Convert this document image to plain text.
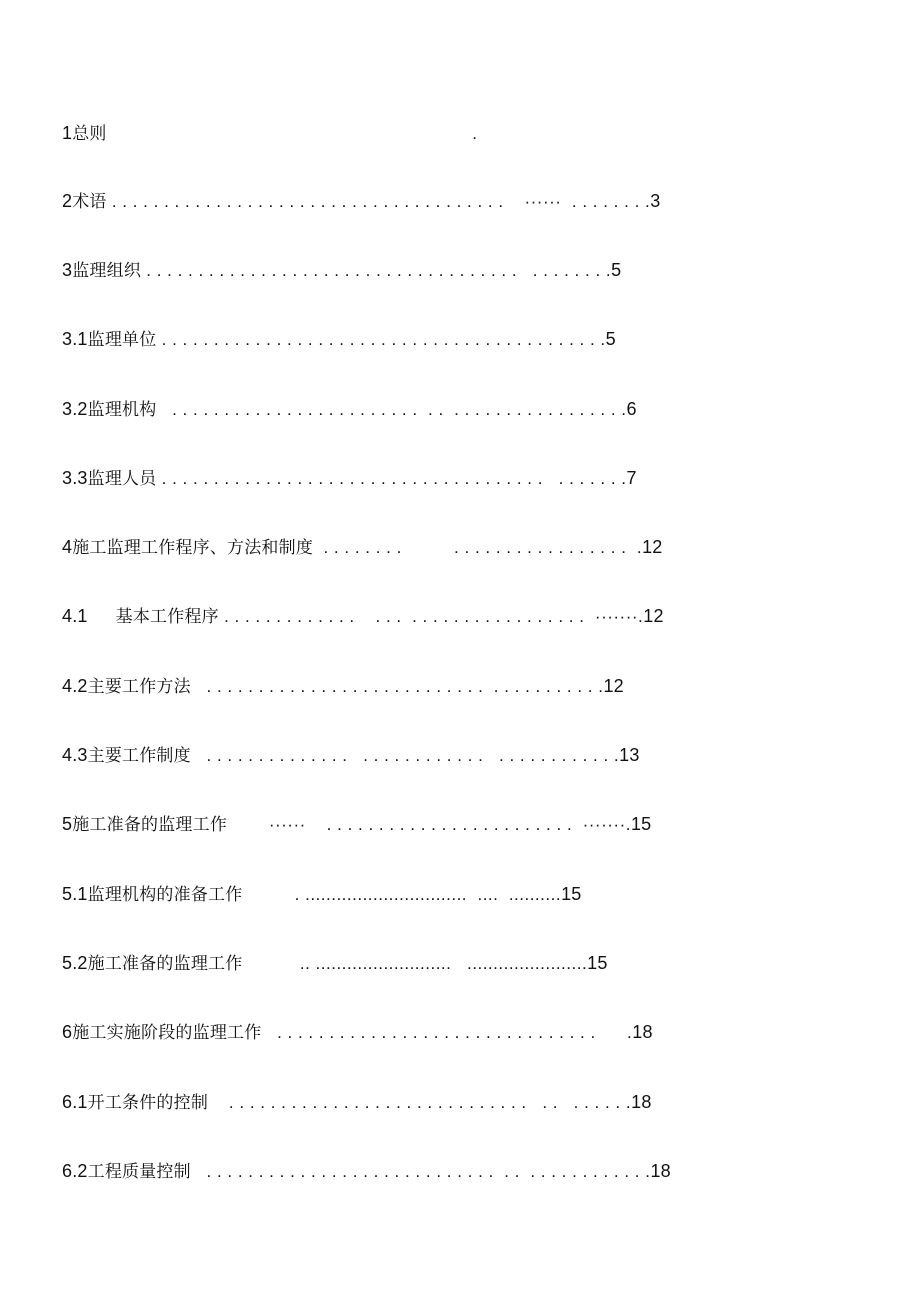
1总则                                                                      .
2术语 . . . . . . . . . . . . . . . . . . . . . . . . . . . . . . . . . . . . . .    ······  . . . . . . . .3
3监理组织 . . . . . . . . . . . . . . . . . . . . . . . . . . . . . . . . . . . .   . . . . . . . .5
3.1监理单位 . . . . . . . . . . . . . . . . . . . . . . . . . . . . . . . . . . . . . . . . . . .5
3.2监理机构   . . . . . . . . . . . . . . . . . . . . . . . .  . .  . . . . . . . . . . . . . . . . .6
3.3监理人员 . . . . . . . . . . . . . . . . . . . . . . . . . . . . . . . . . . . . .   . . . . . . .7
4施工监理工作程序、方法和制度  . . . . . . . .          . . . . . . . . . . . . . . . . .  .12
4.1     基本工作程序 . . . . . . . . . . . . .    . . .  . . . . . . . . . . . . . . . . .  ·······.12
4.2主要工作方法   . . . . . . . . . . . . . . . . . . . . . . . . . . .  . . . . . . . . . . .12
4.3主要工作制度   . . . . . . . . . . . . . .   . . . . . . . . . . . .   . . . . . . . . . . . .13
5施工准备的监理工作        ······    . . . . . . . . . . . . . . . . . . . . . . . .  ·······.15
5.1监理机构的准备工作          . ...............................  ....  ..........15
5.2施工准备的监理工作           .. ..........................   .......................15
6施工实施阶段的监理工作   . . . . . . . . . . . . . . . . . . . . . . . . . . . . . . .      .18
6.1开工条件的控制    . . . . . . . . . . . . . . . . . . . . . . . . . . . . .   . .   . . . . . .18
6.2工程质量控制   . . . . . . . . . . . . . . . . . . . . . . . . . . . .  . .  . . . . . . . . . . . .18
